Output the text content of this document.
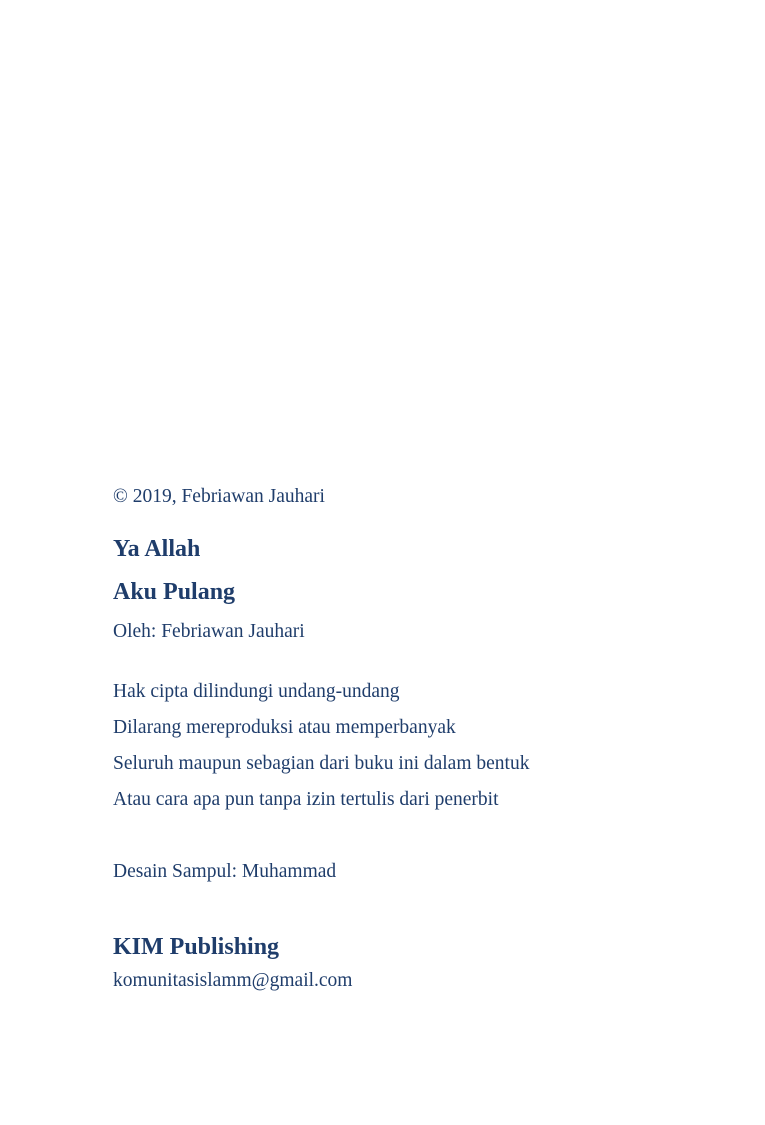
© 2019, Febriawan Jauhari
Ya Allah
Aku Pulang
Oleh: Febriawan Jauhari
Hak cipta dilindungi undang-undang
Dilarang mereproduksi atau memperbanyak
Seluruh maupun sebagian dari buku ini dalam bentuk
Atau cara apa pun tanpa izin tertulis dari penerbit
Desain Sampul: Muhammad
KIM Publishing
komunitasislamm@gmail.com
